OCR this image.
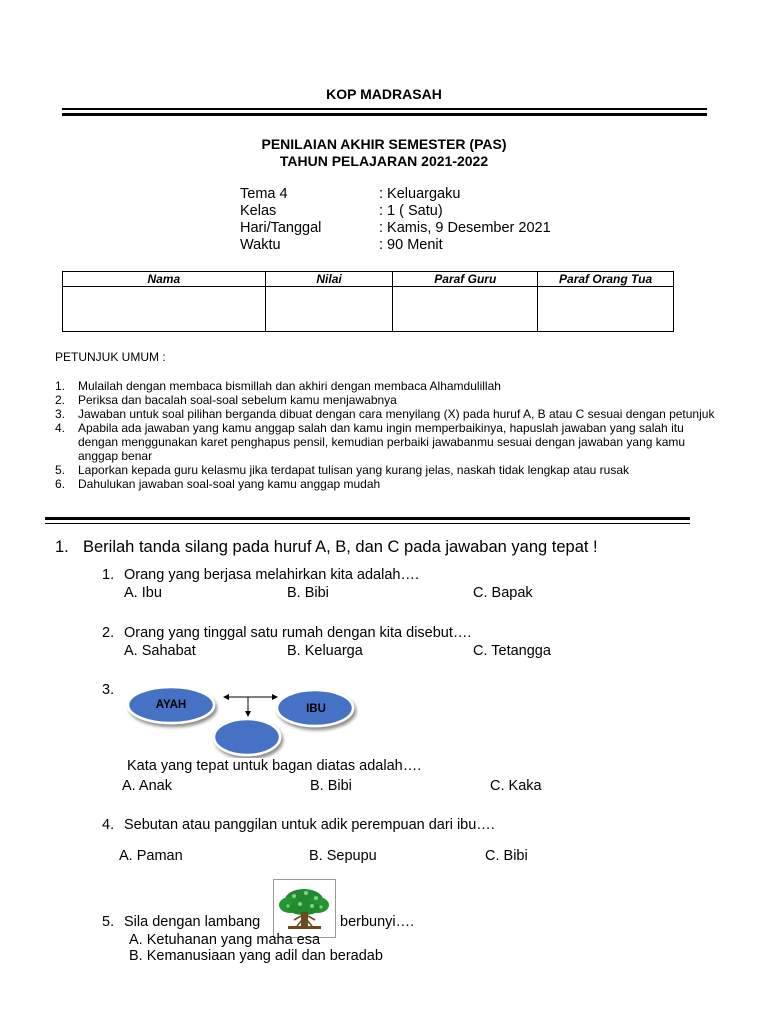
KOP MADRASAH
PENILAIAN AKHIR SEMESTER (PAS)
TAHUN PELAJARAN 2021-2022
Tema 4	: Keluargaku
Kelas	: 1 ( Satu)
Hari/Tanggal	: Kamis, 9 Desember 2021
Waktu	: 90 Menit
Nama	Nilai	Paraf Guru	Paraf Orang Tua

PETUNJUK UMUM :
1.	Mulailah dengan membaca bismillah dan akhiri dengan membaca Alhamdulillah
2.	Periksa dan bacalah soal-soal sebelum kamu menjawabnya
3.	Jawaban untuk soal pilihan berganda dibuat dengan cara menyilang (X) pada huruf A, B atau C sesuai dengan petunjuk
4.	Apabila ada jawaban yang kamu anggap salah dan kamu ingin memperbaikinya, hapuslah jawaban yang salah itu dengan menggunakan karet penghapus pensil, kemudian perbaiki jawabanmu sesuai dengan jawaban yang kamu anggap benar
5.	Laporkan kepada guru kelasmu jika terdapat tulisan yang kurang jelas, naskah tidak lengkap atau rusak
6.	Dahulukan jawaban soal-soal yang kamu anggap mudah
1. Berilah tanda silang pada huruf A, B, dan C pada jawaban yang tepat !
1. Orang yang berjasa melahirkan kita adalah….
A. Ibu	B. Bibi	C. Bapak
2. Orang yang tinggal satu rumah dengan kita disebut….
A. Sahabat	B. Keluarga	C. Tetangga
3.
AYAH	IBU
Kata yang tepat untuk bagan diatas adalah….
A. Anak	B. Bibi	C. Kaka
4. Sebutan atau panggilan untuk adik perempuan dari ibu….
A. Paman	B. Sepupu	C. Bibi
5. Sila dengan lambang	berbunyi….
A. Ketuhanan yang maha esa
B. Kemanusiaan yang adil dan beradab
